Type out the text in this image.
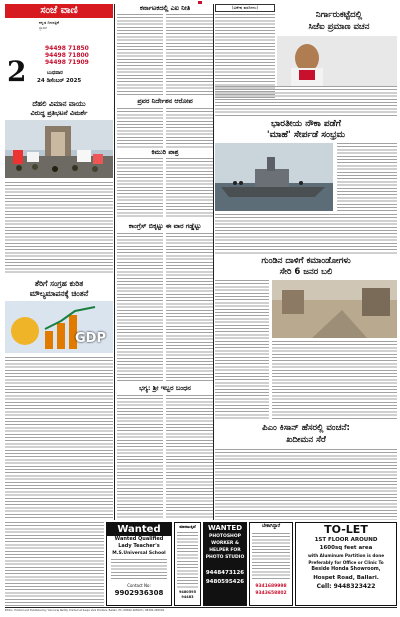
ಸಂಜೆ ವಾಣಿ
ಕನ್ನಡ ದಿನಪತ್ರಿಕೆ
ಸ್ಥಾಪನೆ
94498 71850
94498 71800
94498 71909
2	ಬುಧವಾರ
24 ಡಿಸೆಂಬರ್ 2025
ದೆಹಲಿ ವಿಮಾನ ವಾಯು
ವಿರುದ್ಧ ಪ್ರತಿಭಟನೆ ವಿಮರ್ಶೆ
ತೆರಿಗೆ ಸಂಗ್ರಹ ಕುರಿತ
ಮೌಲ್ಯಮಾಪನಕ್ಕೆ ಚಿಂತನೆ
GDP
ಕರ್ನಾಟಕದಲ್ಲಿ ಎಐ ನೀತಿ
ಪ್ರವರ ನಿರ್ದೇಶನ ಆರೋಪ
ಕಿಮುರಿ ಪಾಶ್ರ
(ವಿಶೇಷ ವರದಿಗಳು)
ನಿರ್ಗಾರುಕಟ್ಟೆದಲ್ಲಿ
ಸಿಜೆಐ ಪ್ರಮಾಣ ವಚನ
ಭಾರತೀಯ ನೌಕಾ ಪಡೆಗೆ
'ಮಾಹೆ' ಸೇರ್ಪಡೆ ಸಂಭ್ರಮ
ಕಾಂಗ್ರೆಸ್ ಬಿಕ್ಕಟ್ಟು ಈ ವಾರ ಗಡ್ಡೆಟ್ಟು
ಗುಂಡಿನ ದಾಳಿಗೆ ಕಮಾಂಡೋಗಳು
ಸೇರಿ 6 ಜನರ ಬಲಿ
ಭಗ್ಯ: ಶ್ರೀ ಇಬ್ಬರ ಬಂಧನ
ಪಿಎಂ ಕಿಸಾನ್ ಹೆಸರಲ್ಲಿ ವಂಚನೆ:
ಖದೀಮನ ಸೆರೆ
Wanted
Wanted Qualified
Lady Teacher's
M.S.Universal School
Contact No:
9902936308
ಮಾರಾಟಕ್ಕಿದೆ
9480595
94483
WANTED
PHOTOSHOP
WORKER &
HELPER FOR
PHOTO STUDIO
9448473126
9480595426
ಬೇಕಾಗಿದ್ದಾರೆ
9341689998
9343658802
TO-LET
1ST FLOOR AROUND
1600sq feet area
with Aluminum Partition is done
Preferably for Office or Clinic To
Beside Honda Showroom,
Hospet Road, Ballari.
Cell: 9448323422
Editor, Printed and Published by Y.Gururaj Reddy. Printed at Sanje Vani Printers, Ballari. Ph: 08392-265003 / 08392-265004
